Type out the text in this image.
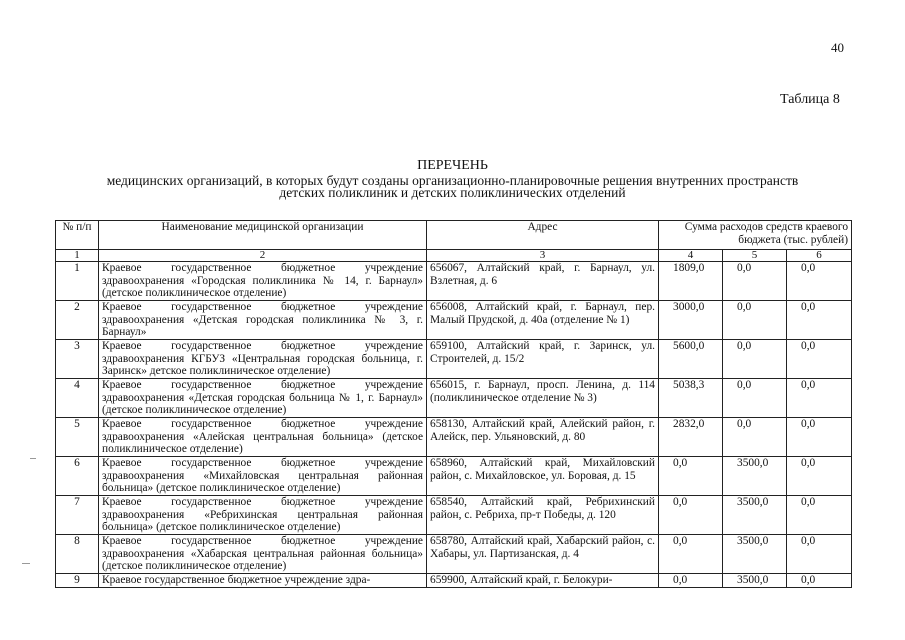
40
Таблица 8
ПЕРЕЧЕНЬ
медицинских организаций, в которых будут созданы организационно-планировочные решения внутренних пространств
детских поликлиник и детских поликлинических отделений
№ п/п	Наименование медицинской организации	Адрес	Сумма расходов средств краевого бюджета (тыс. рублей)		
1	2	3	4	5	6
1	Краевое государственное бюджетное учреждение здравоохранения «Городская поликлиника № 14, г. Барнаул» (детское поликлиническое отделение)	656067, Алтайский край, г. Барнаул, ул. Взлетная, д. 6	1809,0	0,0	0,0
2	Краевое государственное бюджетное учреждение здравоохранения «Детская городская поликлиника № 3, г. Барнаул»	656008, Алтайский край, г. Барнаул, пер. Малый Прудской, д. 40а (отделение № 1)	3000,0	0,0	0,0
3	Краевое государственное бюджетное учреждение здравоохранения КГБУЗ «Центральная городская больница, г. Заринск» детское поликлиническое отделение)	659100, Алтайский край, г. Заринск, ул. Строителей, д. 15/2	5600,0	0,0	0,0
4	Краевое государственное бюджетное учреждение здравоохранения «Детская городская больница № 1, г. Барнаул» (детское поликлиническое отделение)	656015, г. Барнаул, просп. Ленина, д. 114 (поликлиническое отделение № 3)	5038,3	0,0	0,0
5	Краевое государственное бюджетное учреждение здравоохранения «Алейская центральная больница» (детское поликлиническое отделение)	658130, Алтайский край, Алейский район, г. Алейск, пер. Ульяновский, д. 80	2832,0	0,0	0,0
6	Краевое государственное бюджетное учреждение здравоохранения «Михайловская центральная районная больница» (детское поликлиническое отделение)	658960, Алтайский край, Михайловский район, с. Михайловское, ул. Боровая, д. 15	0,0	3500,0	0,0
7	Краевое государственное бюджетное учреждение здравоохранения «Ребрихинская центральная районная больница» (детское поликлиническое отделение)	658540, Алтайский край, Ребрихинский район, с. Ребриха, пр-т Победы, д. 120	0,0	3500,0	0,0
8	Краевое государственное бюджетное учреждение здравоохранения «Хабарская центральная районная больница» (детское поликлиническое отделение)	658780, Алтайский край, Хабарский район, с. Хабары, ул. Партизанская, д. 4	0,0	3500,0	0,0
9	Краевое государственное бюджетное учреждение здра-	659900, Алтайский край, г. Белокури-	0,0	3500,0	0,0
